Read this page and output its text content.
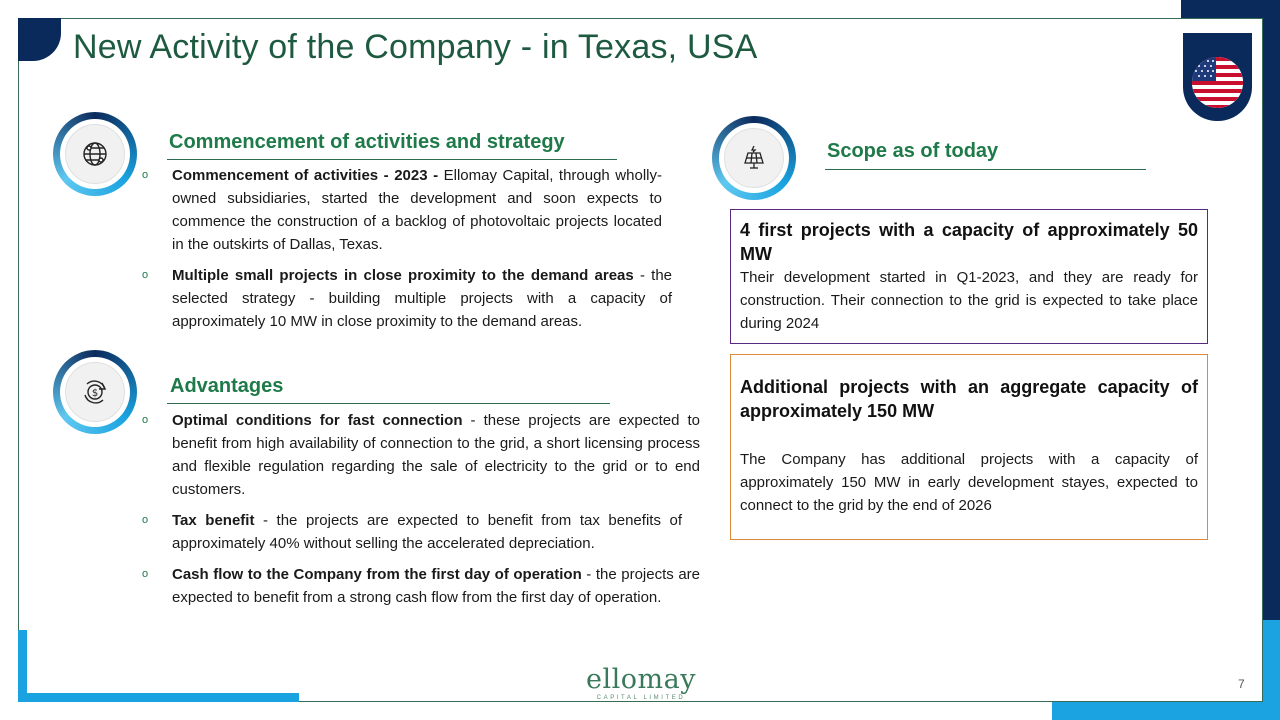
New Activity of the Company - in Texas, USA
Commencement of activities and strategy
o Commencement of activities - 2023 - Ellomay Capital, through wholly-owned subsidiaries, started the development and soon expects to commence the construction of a backlog of photovoltaic projects located in the outskirts of Dallas, Texas.
o Multiple small projects in close proximity to the demand areas - the selected strategy - building multiple projects with a capacity of approximately 10 MW in close proximity to the demand areas.
$	Advantages
o Optimal conditions for fast connection - these projects are expected to benefit from high availability of connection to the grid, a short licensing process and flexible regulation regarding the sale of electricity to the grid or to end customers.
o Tax benefit - the projects are expected to benefit from tax benefits of approximately 40% without selling the accelerated depreciation.
o Cash flow to the Company from the first day of operation - the projects are expected to benefit from a strong cash flow from the first day of operation.
Scope as of today
4 first projects with a capacity of approximately 50 MW
Their development started in Q1-2023, and they are ready for construction. Their connection to the grid is expected to take place during 2024
Additional projects with an aggregate capacity of approximately 150 MW
The Company has additional projects with a capacity of approximately 150 MW in early development stayes, expected to connect to the grid by the end of 2026
ellomay
CAPITAL LIMITED
7
